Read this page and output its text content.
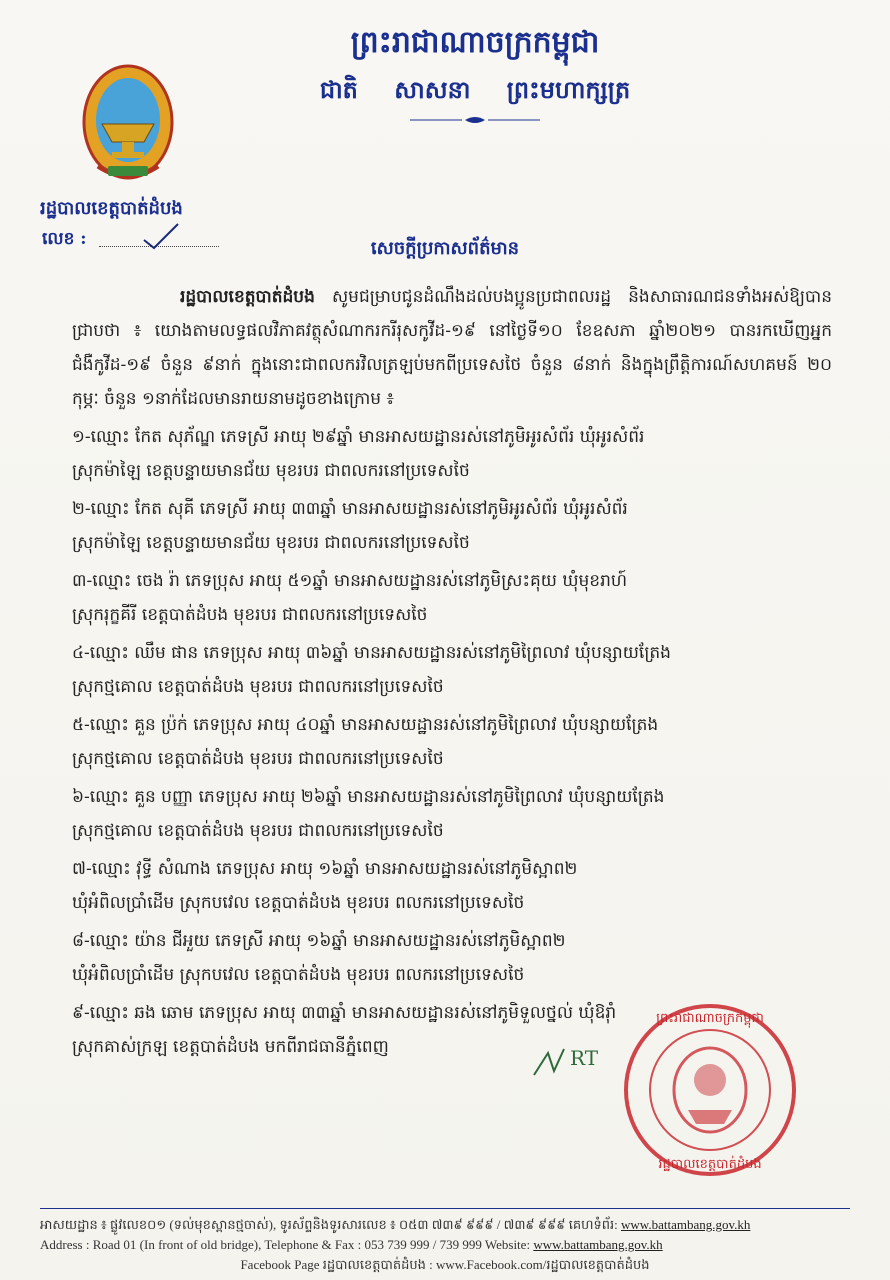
ព្រះរាជាណាចក្រកម្ពុជា
ជាតិ សាសនា ព្រះមហាក្សត្រ
រដ្ឋបាលខេត្តបាត់ដំបង
លេខ :	សេចក្ដីប្រកាសព័ត៌មាន

រដ្ឋបាលខេត្តបាត់ដំបង សូមជម្រាបជូនដំណឹងដល់បងប្អូនប្រជាពលរដ្ឋ និងសាធារណជនទាំងអស់ឱ្យបានជ្រាបថា ៖ យោងតាមលទ្ធផលវិភាគវត្ថុសំណាករករីរុសកូវីដ-១៩ នៅថ្ងៃទី១០ ខែឧសភា ឆ្នាំ២០២១ បានរកឃើញអ្នកជំងឺកូវីដ-១៩ ចំនួន ៩នាក់ ក្នុងនោះជាពលករវិលត្រឡប់មកពីប្រទេសថៃ ចំនួន ៨នាក់ និងក្នុងព្រឹត្តិការណ៍សហគមន៍ ២០ កុម្ភៈ ចំនួន ១នាក់ដែលមានរាយនាមដូចខាងក្រោម ៖

១-ឈ្មោះ កែត សុភ័ណ្ឌ ភេទស្រី អាយុ ២៩ឆ្នាំ មានអាសយដ្ឋានរស់នៅភូមិអូរសំព័រ ឃុំអូរសំព័រ

ស្រុកម៉ាឡៃ ខេត្តបន្ទាយមានជ័យ មុខរបរ ជាពលករនៅប្រទេសថៃ

២-ឈ្មោះ កែត សុគី ភេទស្រី អាយុ ៣៣ឆ្នាំ មានអាសយដ្ឋានរស់នៅភូមិអូរសំព័រ ឃុំអូរសំព័រ

ស្រុកម៉ាឡៃ ខេត្តបន្ទាយមានជ័យ មុខរបរ ជាពលករនៅប្រទេសថៃ

៣-ឈ្មោះ ចេង រ៉ា ភេទប្រុស អាយុ ៥១ឆ្នាំ មានអាសយដ្ឋានរស់នៅភូមិស្រះគុយ ឃុំមុខរាហ៍

ស្រុករុក្ខគីរី ខេត្តបាត់ដំបង មុខរបរ ជាពលករនៅប្រទេសថៃ

៤-ឈ្មោះ ឈឹម ផាន ភេទប្រុស អាយុ ៣៦ឆ្នាំ មានអាសយដ្ឋានរស់នៅភូមិព្រៃលាវ ឃុំបន្សាយត្រែង

ស្រុកថ្មគោល ខេត្តបាត់ដំបង មុខរបរ ជាពលករនៅប្រទេសថៃ

៥-ឈ្មោះ គួន ប្រ៉ក់ ភេទប្រុស អាយុ ៤០ឆ្នាំ មានអាសយដ្ឋានរស់នៅភូមិព្រៃលាវ ឃុំបន្សាយត្រែង

ស្រុកថ្មគោល ខេត្តបាត់ដំបង មុខរបរ ជាពលករនៅប្រទេសថៃ

៦-ឈ្មោះ គួន បញ្ញា ភេទប្រុស អាយុ ២៦ឆ្នាំ មានអាសយដ្ឋានរស់នៅភូមិព្រៃលាវ ឃុំបន្សាយត្រែង

ស្រុកថ្មគោល ខេត្តបាត់ដំបង មុខរបរ ជាពលករនៅប្រទេសថៃ

៧-ឈ្មោះ វុទ្ធី សំណាង ភេទប្រុស អាយុ ១៦ឆ្នាំ មានអាសយដ្ឋានរស់នៅភូមិស្អាព២

ឃុំអំពិលប្រាំដើម ស្រុកបវេល ខេត្តបាត់ដំបង មុខរបរ ពលករនៅប្រទេសថៃ

៨-ឈ្មោះ យ៉ាន ជីអួយ ភេទស្រី អាយុ ១៦ឆ្នាំ មានអាសយដ្ឋានរស់នៅភូមិស្អាព២

ឃុំអំពិលប្រាំដើម ស្រុកបវេល ខេត្តបាត់ដំបង មុខរបរ ពលករនៅប្រទេសថៃ

៩-ឈ្មោះ ឆង ឆោម ភេទប្រុស អាយុ ៣៣ឆ្នាំ មានអាសយដ្ឋានរស់នៅភូមិទួលថ្នល់ ឃុំឱរ៉ាំ

ស្រុកគាស់ក្រឡ ខេត្តបាត់ដំបង មកពីរាជធានីភ្នំពេញ	RT
ព្រះរាជាណាចក្រកម្ពុជា
រដ្ឋបាលខេត្តបាត់ដំបង
អាសយដ្ឋាន ៖ ផ្លូវលេខ០១ (ទល់មុខស្ពានថ្មចាស់), ទូរស័ព្ទនិងទូរសារលេខ ៖ ០៥៣ ៧៣៩ ៩៩៩ / ៧៣៩ ៩៩៩ គេហទំព័រ: www.battambang.gov.kh
Address : Road 01 (In front of old bridge), Telephone & Fax : 053 739 999 / 739 999 Website: www.battambang.gov.kh
Facebook Page រដ្ឋបាលខេត្តបាត់ដំបង : www.Facebook.com/រដ្ឋបាលខេត្តបាត់ដំបង
